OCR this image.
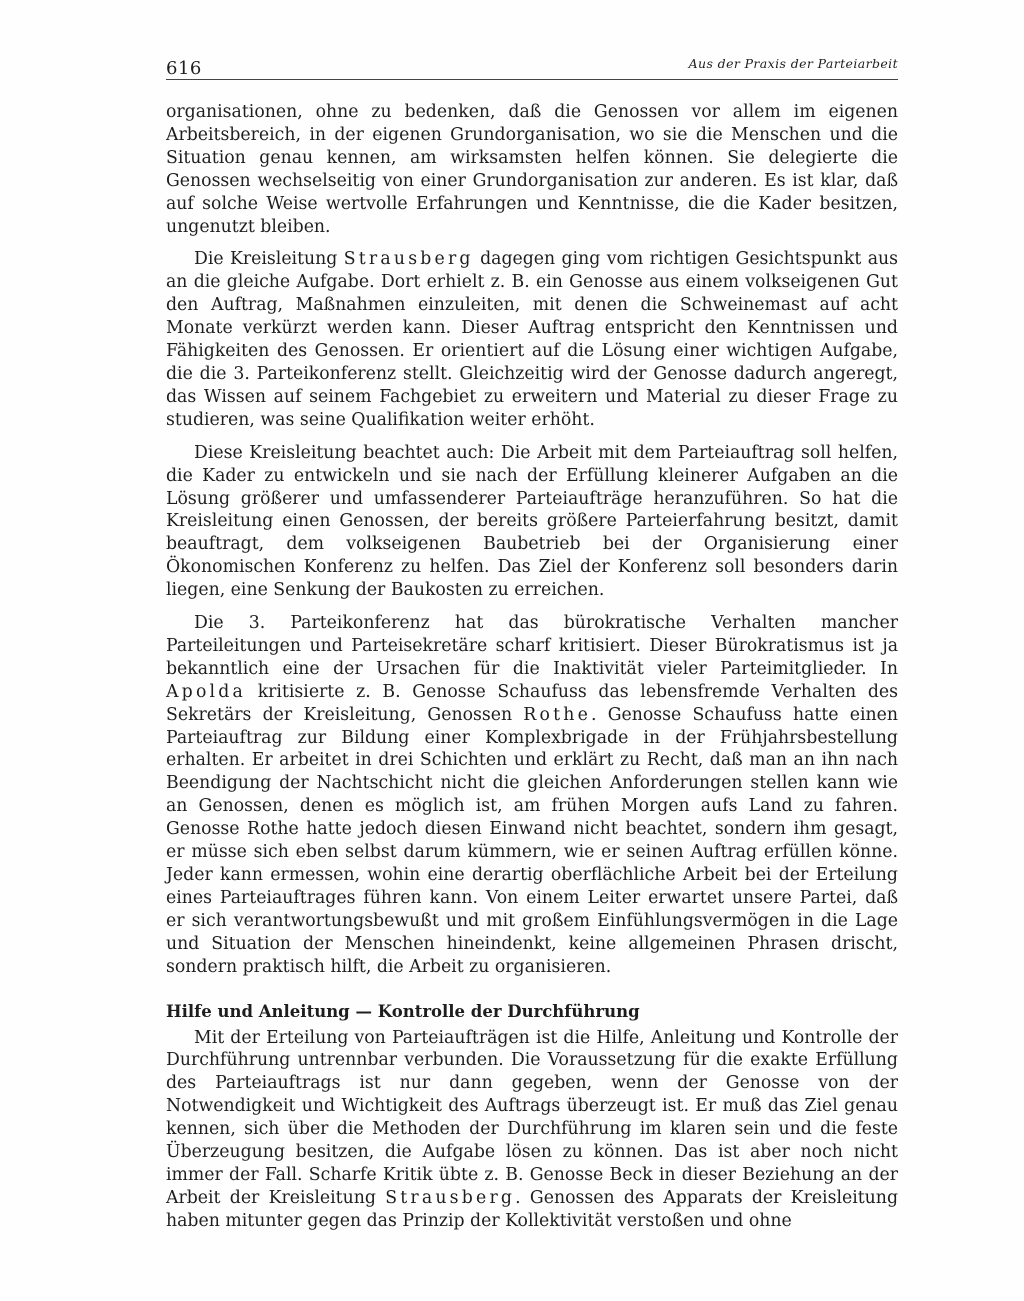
616	Aus der Praxis der Parteiarbeit

organisationen, ohne zu bedenken, daß die Genossen vor allem im eigenen Arbeitsbereich, in der eigenen Grundorganisation, wo sie die Menschen und die Situation genau kennen, am wirksamsten helfen können. Sie delegierte die Genossen wechselseitig von einer Grundorganisation zur anderen. Es ist klar, daß auf solche Weise wertvolle Erfahrungen und Kenntnisse, die die Kader besitzen, ungenutzt bleiben.

Die Kreisleitung Strausberg dagegen ging vom richtigen Gesichtspunkt aus an die gleiche Aufgabe. Dort erhielt z. B. ein Genosse aus einem volkseigenen Gut den Auftrag, Maßnahmen einzuleiten, mit denen die Schweinemast auf acht Monate verkürzt werden kann. Dieser Auftrag entspricht den Kenntnissen und Fähigkeiten des Genossen. Er orientiert auf die Lösung einer wichtigen Aufgabe, die die 3. Parteikonferenz stellt. Gleichzeitig wird der Genosse dadurch angeregt, das Wissen auf seinem Fachgebiet zu erweitern und Material zu dieser Frage zu studieren, was seine Qualifikation weiter erhöht.

Diese Kreisleitung beachtet auch: Die Arbeit mit dem Parteiauftrag soll helfen, die Kader zu entwickeln und sie nach der Erfüllung kleinerer Aufgaben an die Lösung größerer und umfassenderer Parteiaufträge heranzuführen. So hat die Kreisleitung einen Genossen, der bereits größere Parteierfahrung besitzt, damit beauftragt, dem volkseigenen Baubetrieb bei der Organisierung einer Ökonomischen Konferenz zu helfen. Das Ziel der Konferenz soll besonders darin liegen, eine Senkung der Baukosten zu erreichen.

Die 3. Parteikonferenz hat das bürokratische Verhalten mancher Parteileitungen und Parteisekretäre scharf kritisiert. Dieser Bürokratismus ist ja bekanntlich eine der Ursachen für die Inaktivität vieler Parteimitglieder. In Apolda kritisierte z. B. Genosse Schaufuss das lebensfremde Verhalten des Sekretärs der Kreisleitung, Genossen Rothe. Genosse Schaufuss hatte einen Parteiauftrag zur Bildung einer Komplexbrigade in der Frühjahrsbestellung erhalten. Er arbeitet in drei Schichten und erklärt zu Recht, daß man an ihn nach Beendigung der Nachtschicht nicht die gleichen Anforderungen stellen kann wie an Genossen, denen es möglich ist, am frühen Morgen aufs Land zu fahren. Genosse Rothe hatte jedoch diesen Einwand nicht beachtet, sondern ihm gesagt, er müsse sich eben selbst darum kümmern, wie er seinen Auftrag erfüllen könne. Jeder kann ermessen, wohin eine derartig oberflächliche Arbeit bei der Erteilung eines Parteiauftrages führen kann. Von einem Leiter erwartet unsere Partei, daß er sich verantwortungsbewußt und mit großem Einfühlungsvermögen in die Lage und Situation der Menschen hineindenkt, keine allgemeinen Phrasen drischt, sondern praktisch hilft, die Arbeit zu organisieren.

Hilfe und Anleitung — Kontrolle der Durchführung

Mit der Erteilung von Parteiaufträgen ist die Hilfe, Anleitung und Kontrolle der Durchführung untrennbar verbunden. Die Voraussetzung für die exakte Erfüllung des Parteiauftrags ist nur dann gegeben, wenn der Genosse von der Notwendigkeit und Wichtigkeit des Auftrags überzeugt ist. Er muß das Ziel genau kennen, sich über die Methoden der Durchführung im klaren sein und die feste Überzeugung besitzen, die Aufgabe lösen zu können. Das ist aber noch nicht immer der Fall. Scharfe Kritik übte z. B. Genosse Beck in dieser Beziehung an der Arbeit der Kreisleitung Strausberg. Genossen des Apparats der Kreisleitung haben mitunter gegen das Prinzip der Kollektivität verstoßen und ohne
